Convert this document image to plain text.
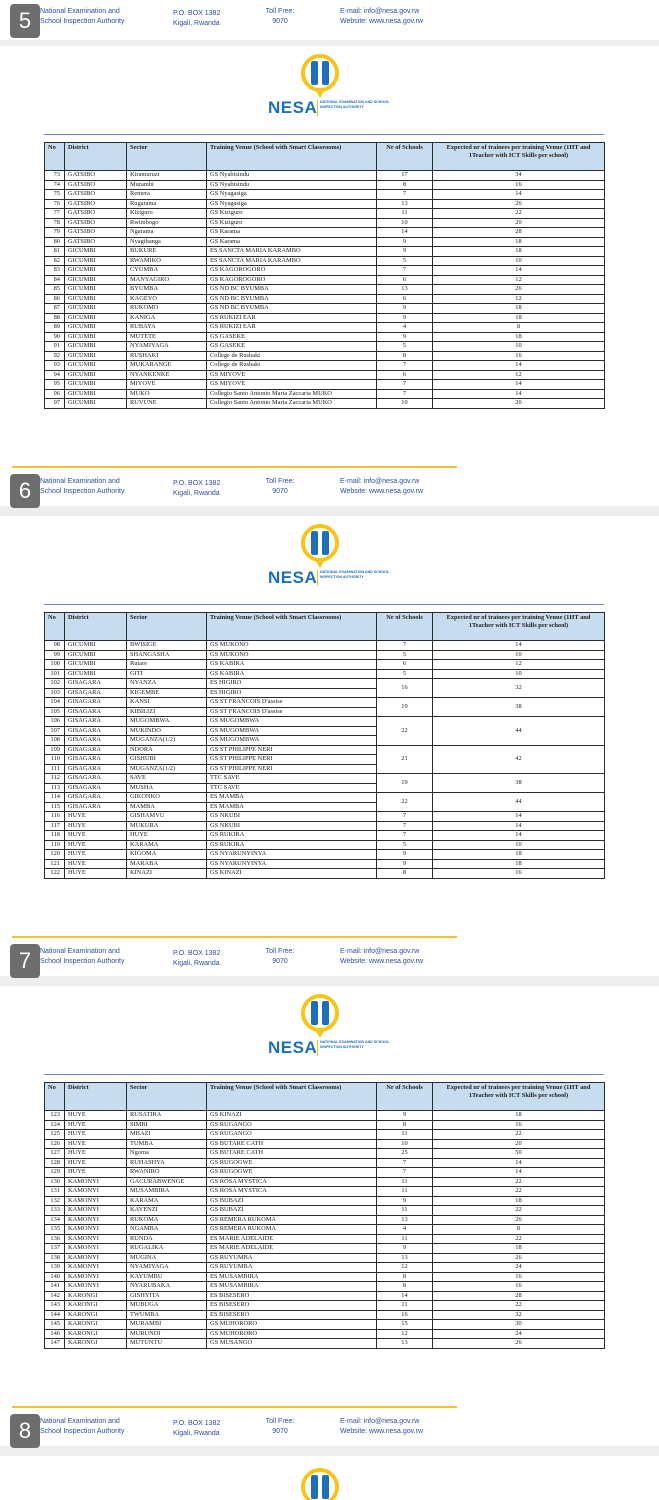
5	National Examination and
School Inspection Authority
P.O. BOX 1382
Kigali, Rwanda
Toll Free:
9070
E-mail: info@nesa.gov.rw
Website: www.nesa.gov.rw
NESA NATIONAL EXAMINATION AND SCHOOL INSPECTION AUTHORITY
No	District	Sector	Training Venue (School with Smart Classrooms)	Nr of Schools	Expected nr of trainees per training Venue (1HT and 1Teacher with ICT Skills per school)
73	GATSIBO	Kiramuruzi	GS Nyabisindu	17	34
74	GATSIBO	Murambi	GS Nyabisindu	8	16
75	GATSIBO	Remera	GS Nyagasiga	7	14
76	GATSIBO	Rugarama	GS Nyagasiga	13	26
77	GATSIBO	Kiziguro	GS Kiziguro	11	22
78	GATSIBO	Rwimbogo	GS Kiziguro	10	20
79	GATSIBO	Ngarama	GS Karama	14	28
80	GATSIBO	Nyagihanga	GS Karama	9	18
81	GICUMBI	BUKURE	ES SANCTA MARIA KARAMBO	9	18
82	GICUMBI	RWAMIKO	ES SANCTA MARIA KARAMBO	5	10
83	GICUMBI	CYUMBA	GS KAGOROGORO	7	14
84	GICUMBI	MANYAGIRO	GS KAGOROGORO	6	12
85	GICUMBI	BYUMBA	GS ND BC BYUMBA	13	26
86	GICUMBI	KAGEYO	GS ND BC BYUMBA	6	12
87	GICUMBI	RUKOMO	GS ND BC BYUMBA	9	18
88	GICUMBI	KANIGA	GS RUKIZI EAR	9	18
89	GICUMBI	RUBAYA	GS RUKIZI EAR	4	8
90	GICUMBI	MUTETE	GS GASEKE	9	18
91	GICUMBI	NYAMIYAGA	GS GASEKE	5	10
92	GICUMBI	RUSHAKI	College de Rushaki	8	16
93	GICUMBI	MUKARANGE	College de Rushaki	7	14
94	GICUMBI	NYANKENKE	GS MIYOVE	6	12
95	GICUMBI	MIYOVE	GS MIYOVE	7	14
96	GICUMBI	MUKO	Collegio Santo Antonio Maria Zaccaria MUKO	7	14
97	GICUMBI	RUVUNE	Collegio Santo Antonio Maria Zaccaria MUKO	10	20
6	National Examination and
School Inspection Authority
P.O. BOX 1382
Kigali, Rwanda
Toll Free:
9070
E-mail: info@nesa.gov.rw
Website: www.nesa.gov.rw
NESA NATIONAL EXAMINATION AND SCHOOL INSPECTION AUTHORITY
No	District	Sector	Training Venue (School with Smart Classrooms)	Nr of Schools	Expected nr of trainees per training Venue (1HT and 1Teacher with ICT Skills per school)
98	GICUMBI	BWISIGE	GS MUKONO	7	14
99	GICUMBI	SHANGASHA	GS MUKONO	5	10
100	GICUMBI	Rutare	GS KABIRA	6	12
101	GICUMBI	GITI	GS KABIRA	5	10
102	GISAGARA	NYANZA	ES HIGIRO	16	32
103	GISAGARA	KIGEMBE	ES HIGIRO		
104	GISAGARA	KANSI	GS ST FRANCOIS D'assise	19	38
105	GISAGARA	KIBILIZI	GS ST FRANCOIS D'assise		
106	GISAGARA	MUGOMBWA	GS MUGOMBWA	22	44
107	GISAGARA	MUKINDO	GS MUGOMBWA		
108	GISAGARA	MUGANZA(1/2)	GS MUGOMBWA		
109	GISAGARA	NDORA	GS ST PHILIPPE NERI	21	42
110	GISAGARA	GISHUBI	GS ST PHILIPPE NERI		
111	GISAGARA	MUGANZA(1/2)	GS ST PHILIPPE NERI		
112	GISAGARA	SAVE	TTC SAVE	19	38
113	GISAGARA	MUSHA	TTC SAVE		
114	GISAGARA	GIKONKO	ES MAMBA	22	44
115	GISAGARA	MAMBA	ES MAMBA		
116	HUYE	GISHAMVU	GS NKUBI	7	14
117	HUYE	MUKURA	GS NKUBI	7	14
118	HUYE	HUYE	GS RUKIRA	7	14
119	HUYE	KARAMA	GS RUKIRA	5	10
120	HUYE	KIGOMA	GS NYARUNYINYA	9	18
121	HUYE	MARABA	GS NYARUNYINYA	9	18
122	HUYE	KINAZI	GS KINAZI	8	16
7	National Examination and
School Inspection Authority
P.O. BOX 1382
Kigali, Rwanda
Toll Free:
9070
E-mail: info@nesa.gov.rw
Website: www.nesa.gov.rw
NESA NATIONAL EXAMINATION AND SCHOOL INSPECTION AUTHORITY
No	District	Sector	Training Venue (School with Smart Classrooms)	Nr of Schools	Expected nr of trainees per training Venue (1HT and 1Teacher with ICT Skills per school)
123	HUYE	RUSATIRA	GS KINAZI	9	18
124	HUYE	SIMBI	GS RUGANGO	8	16
125	HUYE	MBAZI	GS RUGANGO	11	22
126	HUYE	TUMBA	GS BUTARE CATH	10	20
127	HUYE	Ngoma	GS BUTARE CATH	25	50
128	HUYE	RUHASHYA	GS RUGOGWE	7	14
129	HUYE	RWANIRO	GS RUGOGWE	7	14
130	KAMONYI	GACURABWENGE	GS ROSA MYSTICA	11	22
131	KAMONYI	MUSAMBIRA	GS ROSA MYSTICA	11	22
132	KAMONYI	KARAMA	GS BUBAZI	9	18
133	KAMONYI	KAYENZI	GS BUBAZI	11	22
134	KAMONYI	RUKOMA	GS REMERA RUKOMA	13	26
135	KAMONYI	NGAMBA	GS REMERA RUKOMA	4	8
136	KAMONYI	RUNDA	ES MARIE ADELAIDE	11	22
137	KAMONYI	RUGALIKA	ES MARIE ADELAIDE	9	18
138	KAMONYI	MUGINA	GS RUYUMBA	13	26
139	KAMONYI	NYAMIYAGA	GS RUYUMBA	12	24
140	KAMONYI	KAYUMBU	ES MUSAMBIRA	8	16
141	KAMONYI	NYARUBAKA	ES MUSAMBIRA	8	16
142	KARONGI	GISHYITA	ES BISESERO	14	28
143	KARONGI	MUBUGA	ES BISESERO	11	22
144	KARONGI	TWUMBA	ES BISESERO	16	32
145	KARONGI	MURAMBI	GS MUHORORO	15	30
146	KARONGI	MURUNDI	GS MUHORORO	12	24
147	KARONGI	MUTUNTU	GS MUSANGO	13	26
8	National Examination and
School Inspection Authority
P.O. BOX 1382
Kigali, Rwanda
Toll Free:
9070
E-mail: info@nesa.gov.rw
Website: www.nesa.gov.rw
